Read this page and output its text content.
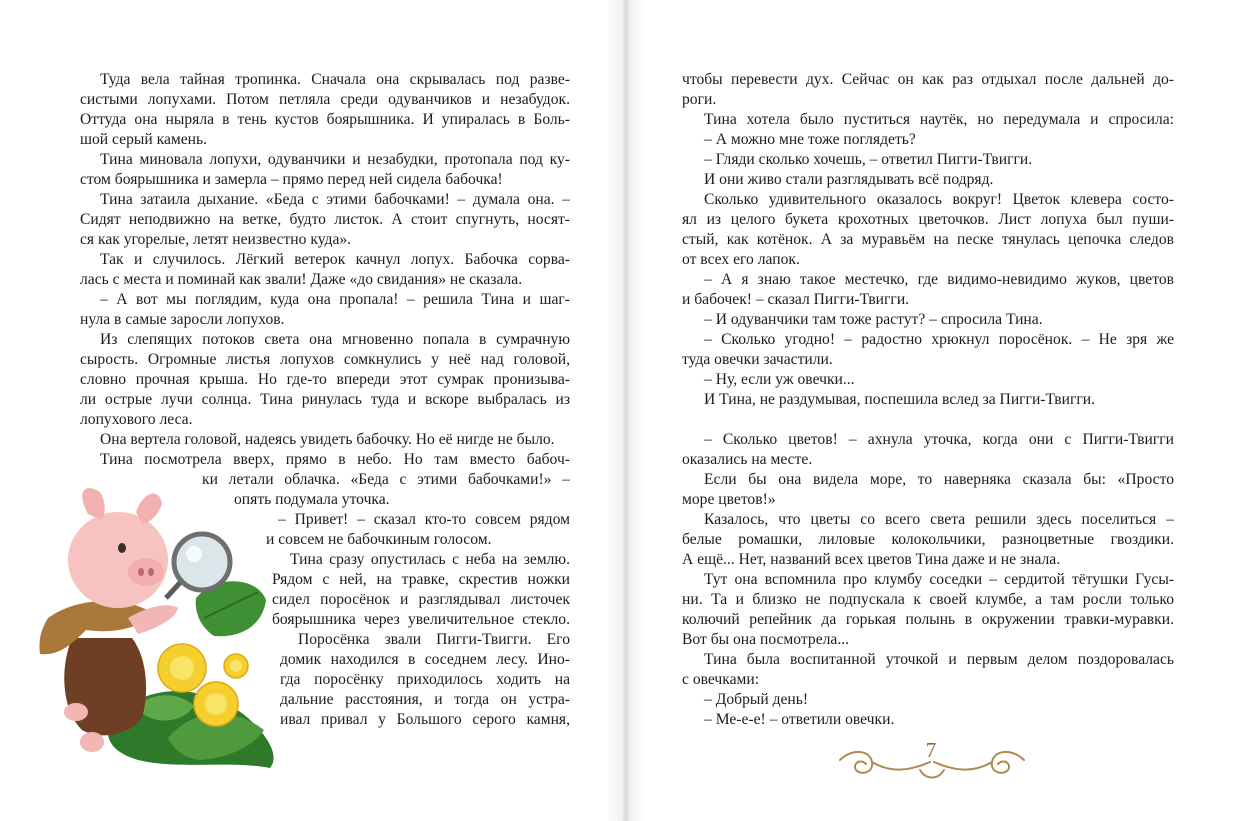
Туда вела тайная тропинка. Сначала она скрывалась под разве-
систыми лопухами. Потом петляла среди одуванчиков и незабудок.
Оттуда она ныряла в тень кустов боярышника. И упиралась в Боль-
шой серый камень.
Тина миновала лопухи, одуванчики и незабудки, протопала под ку-
стом боярышника и замерла – прямо перед ней сидела бабочка!
Тина затаила дыхание. «Беда с этими бабочками! – думала она. –
Сидят неподвижно на ветке, будто листок. А стоит спугнуть, носят-
ся как угорелые, летят неизвестно куда».
Так и случилось. Лёгкий ветерок качнул лопух. Бабочка сорва-
лась с места и поминай как звали! Даже «до свидания» не сказала.
– А вот мы поглядим, куда она пропала! – решила Тина и шаг-
нула в самые заросли лопухов.
Из слепящих потоков света она мгновенно попала в сумрачную
сырость. Огромные листья лопухов сомкнулись у неё над головой,
словно прочная крыша. Но где-то впереди этот сумрак пронизыва-
ли острые лучи солнца. Тина ринулась туда и вскоре выбралась из
лопухового леса.
Она вертела головой, надеясь увидеть бабочку. Но её нигде не было.
Тина посмотрела вверх, прямо в небо. Но там вместо бабоч-
ки летали облачка. «Беда с этими бабочками!» –
опять подумала уточка.
– Привет! – сказал кто-то совсем рядом
и совсем не бабочкиным голосом.
Тина сразу опустилась с неба на землю.
Рядом с ней, на травке, скрестив ножки
сидел поросёнок и разглядывал листочек
боярышника через увеличительное стекло.
Поросёнка звали Пигги-Твигги. Его
домик находился в соседнем лесу. Ино-
гда поросёнку приходилось ходить на
дальние расстояния, и тогда он устра-
ивал привал у Большого серого камня,
чтобы перевести дух. Сейчас он как раз отдыхал после дальней до-
роги.
Тина хотела было пуститься наутёк, но передумала и спросила:
– А можно мне тоже поглядеть?
– Гляди сколько хочешь, – ответил Пигги-Твигги.
И они живо стали разглядывать всё подряд.
Сколько удивительного оказалось вокруг! Цветок клевера состо-
ял из целого букета крохотных цветочков. Лист лопуха был пуши-
стый, как котёнок. А за муравьём на песке тянулась цепочка следов
от всех его лапок.
– А я знаю такое местечко, где видимо-невидимо жуков, цветов
и бабочек! – сказал Пигги-Твигги.
– И одуванчики там тоже растут? – спросила Тина.
– Сколько угодно! – радостно хрюкнул поросёнок. – Не зря же
туда овечки зачастили.
– Ну, если уж овечки...
И Тина, не раздумывая, поспешила вслед за Пигги-Твигги.
– Сколько цветов! – ахнула уточка, когда они с Пигги-Твигги
оказались на месте.
Если бы она видела море, то наверняка сказала бы: «Просто
море цветов!»
Казалось, что цветы со всего света решили здесь поселиться –
белые ромашки, лиловые колокольчики, разноцветные гвоздики.
А ещё... Нет, названий всех цветов Тина даже и не знала.
Тут она вспомнила про клумбу соседки – сердитой тётушки Гусы-
ни. Та и близко не подпускала к своей клумбе, а там росли только
колючий репейник да горькая полынь в окружении травки-муравки.
Вот бы она посмотрела...
Тина была воспитанной уточкой и первым делом поздоровалась
с овечками:
– Добрый день!
– Ме-е-е! – ответили овечки.
7
